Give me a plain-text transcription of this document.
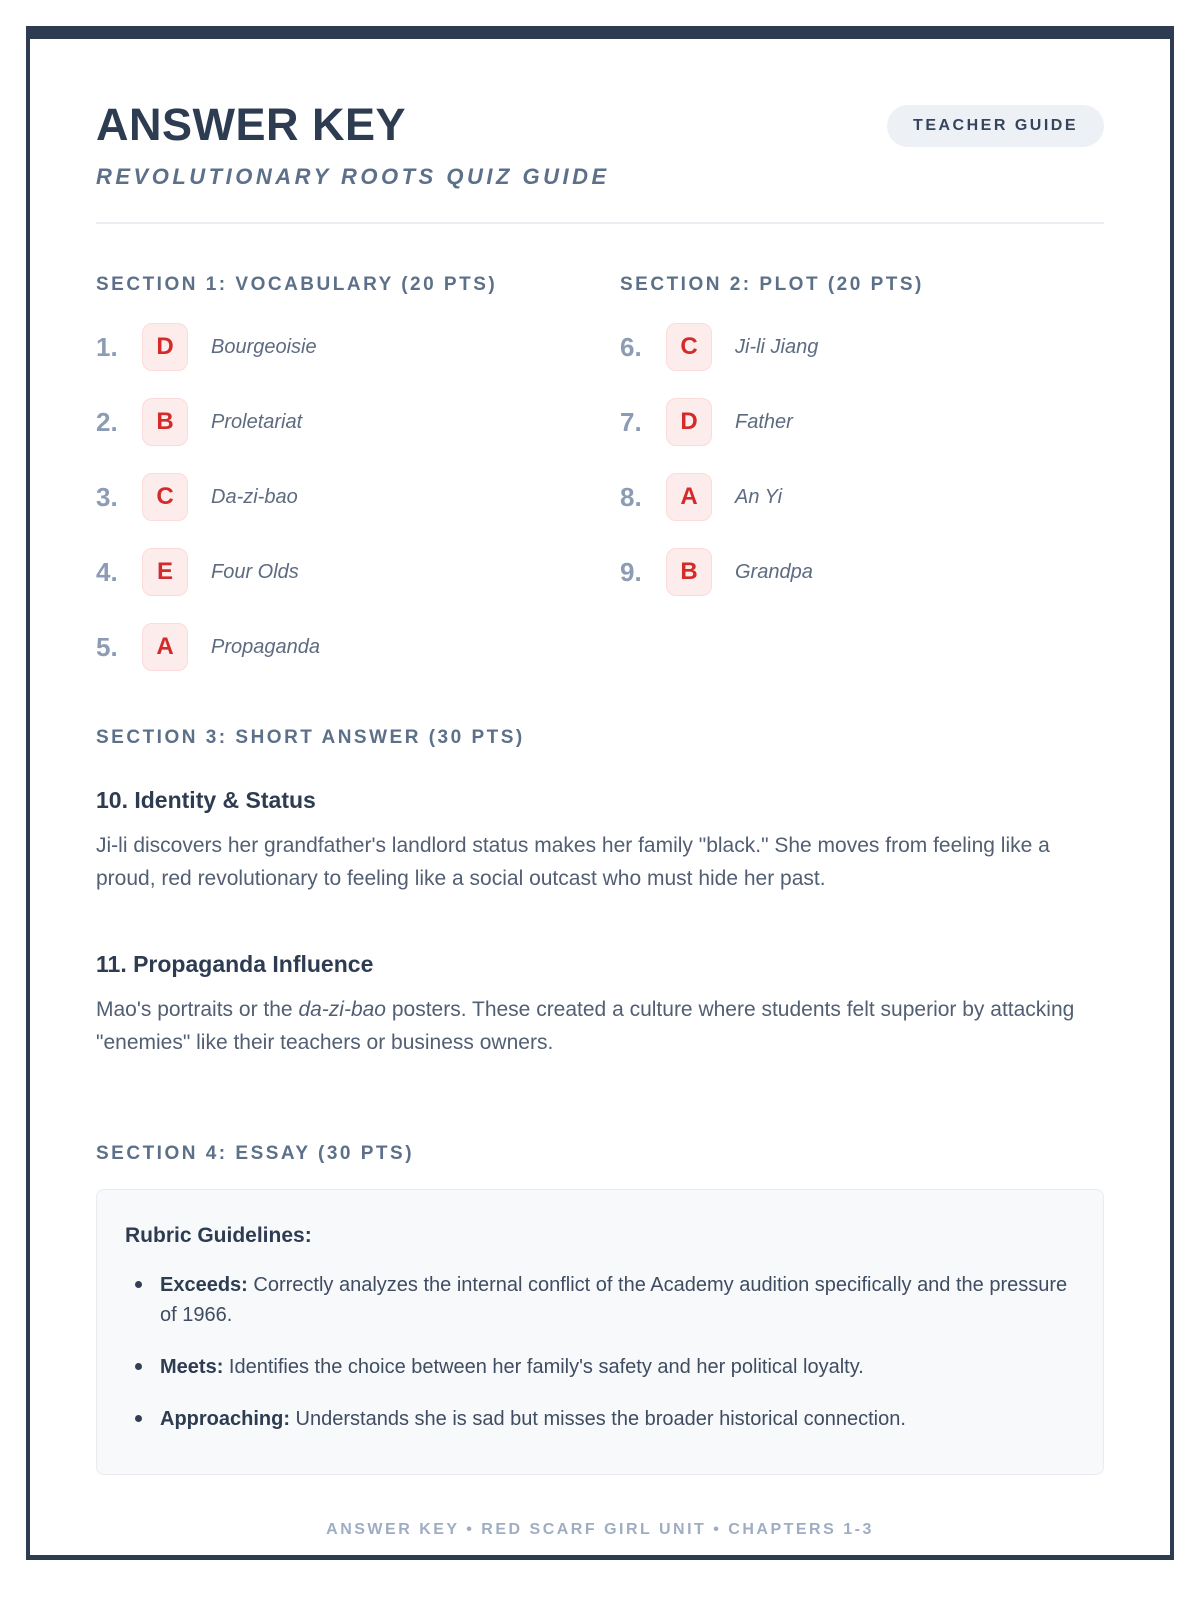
ANSWER KEY	TEACHER GUIDE
REVOLUTIONARY ROOTS QUIZ GUIDE
SECTION 1: VOCABULARY (20 PTS)
1.	D	Bourgeoisie
2.	B	Proletariat
3.	C	Da-zi-bao
4.	E	Four Olds
5.	A	Propaganda
SECTION 2: PLOT (20 PTS)
6.	C	Ji-li Jiang
7.	D	Father
8.	A	An Yi
9.	B	Grandpa
SECTION 3: SHORT ANSWER (30 PTS)
10. Identity & Status
Ji-li discovers her grandfather's landlord status makes her family "black." She moves from feeling like a proud, red revolutionary to feeling like a social outcast who must hide her past.
11. Propaganda Influence
Mao's portraits or the da-zi-bao posters. These created a culture where students felt superior by attacking "enemies" like their teachers or business owners.
SECTION 4: ESSAY (30 PTS)
Rubric Guidelines:
Exceeds: Correctly analyzes the internal conflict of the Academy audition specifically and the pressure of 1966.
Meets: Identifies the choice between her family's safety and her political loyalty.
Approaching: Understands she is sad but misses the broader historical connection.
ANSWER KEY • RED SCARF GIRL UNIT • CHAPTERS 1-3
